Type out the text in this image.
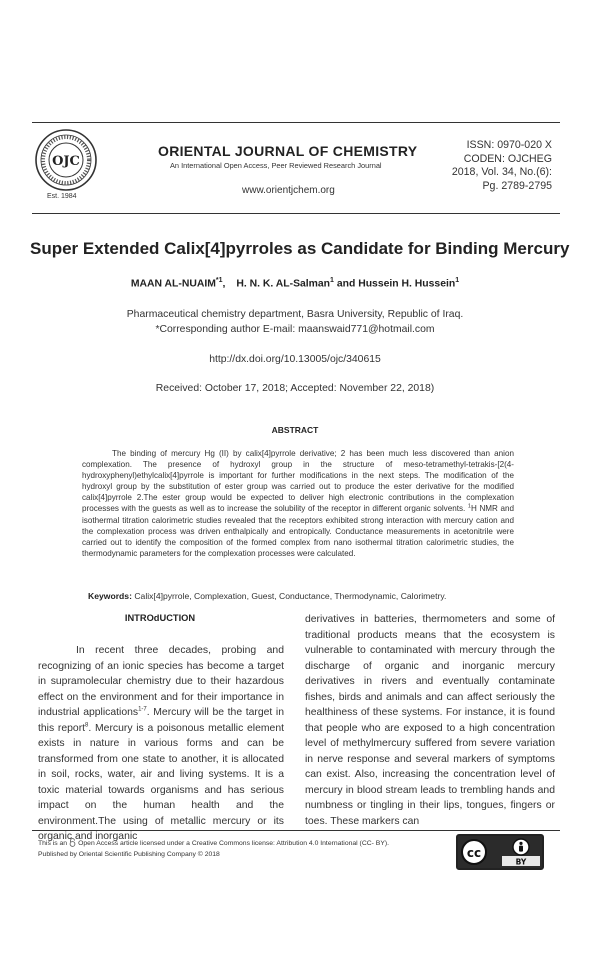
OJC
Est. 1984
ORIENTAL JOURNAL OF CHEMISTRY
An International Open Access, Peer Reviewed Research Journal
www.orientjchem.org
ISSN: 0970-020 X
CODEN: OJCHEG
2018, Vol. 34, No.(6):
Pg. 2789-2795
Super Extended Calix[4]pyrroles as Candidate for Binding Mercury
MAAN AL-NUAIM$^{*1}$, H. N. K. AL-Salman$^1$ and Hussein H. Hussein$^1$
Pharmaceutical chemistry department, Basra University, Republic of Iraq.
*Corresponding author E-mail: maanswaid771@hotmail.com
http://dx.doi.org/10.13005/ojc/340615
Received: October 17, 2018; Accepted: November 22, 2018)
ABSTRACT
The binding of mercury Hg (II) by calix[4]pyrrole derivative; 2 has been much less discovered than anion complexation. The presence of hydroxyl group in the structure of meso-tetramethyl-tetrakis-[2(4-hydroxyphenyl)ethylcalix[4]pyrrole is important for further modifications in the next steps. The modification of the hydroxyl group by the substitution of ester group was carried out to produce the ester derivative for the modified calix[4]pyrrole 2.The ester group would be expected to deliver high electronic contributions in the complexation processes with the guests as well as to increase the solubility of the receptor in different organic solvents. $^1$H NMR and isothermal titration calorimetric studies revealed that the receptors exhibited strong interaction with mercury cation and the complexation process was driven enthalpically and entropically. Conductance measurements in acetonitrile were carried out to identify the composition of the formed complex from nano isothermal titration calorimetric studies, the thermodynamic parameters for the complexation processes were calculated.
Keywords: Calix[4]pyrrole, Complexation, Guest, Conductance, Thermodynamic, Calorimetry.
INTROdUCTION
In recent three decades, probing and recognizing of an ionic species has become a target in supramolecular chemistry due to their hazardous effect on the environment and for their importance in industrial applications$^{1-7}$. Mercury will be the target in this report$^8$. Mercury is a poisonous metallic element exists in nature in various forms and can be transformed from one state to another, it is allocated in soil, rocks, water, air and living systems. It is a toxic material towards organisms and has serious impact on the human health and the environment.The using of metallic mercury or its organic and inorganic
derivatives in batteries, thermometers and some of traditional products means that the ecosystem is vulnerable to contaminated with mercury through the discharge of organic and inorganic mercury derivatives in rivers and eventually contaminate fishes, birds and animals and can affect seriously the healthiness of these systems. For instance, it is found that people who are exposed to a high concentration level of methylmercury suffered from severe variation in nerve response and several markers of symptoms can exist. Also, increasing the concentration level of mercury in blood stream leads to trembling hands and numbness or tingling in their lips, tongues, fingers or toes. These markers can
This is an Open Access article licensed under a Creative Commons license: Attribution 4.0 International (CC- BY).
Published by Oriental Scientific Publishing Company © 2018	cc
BY
